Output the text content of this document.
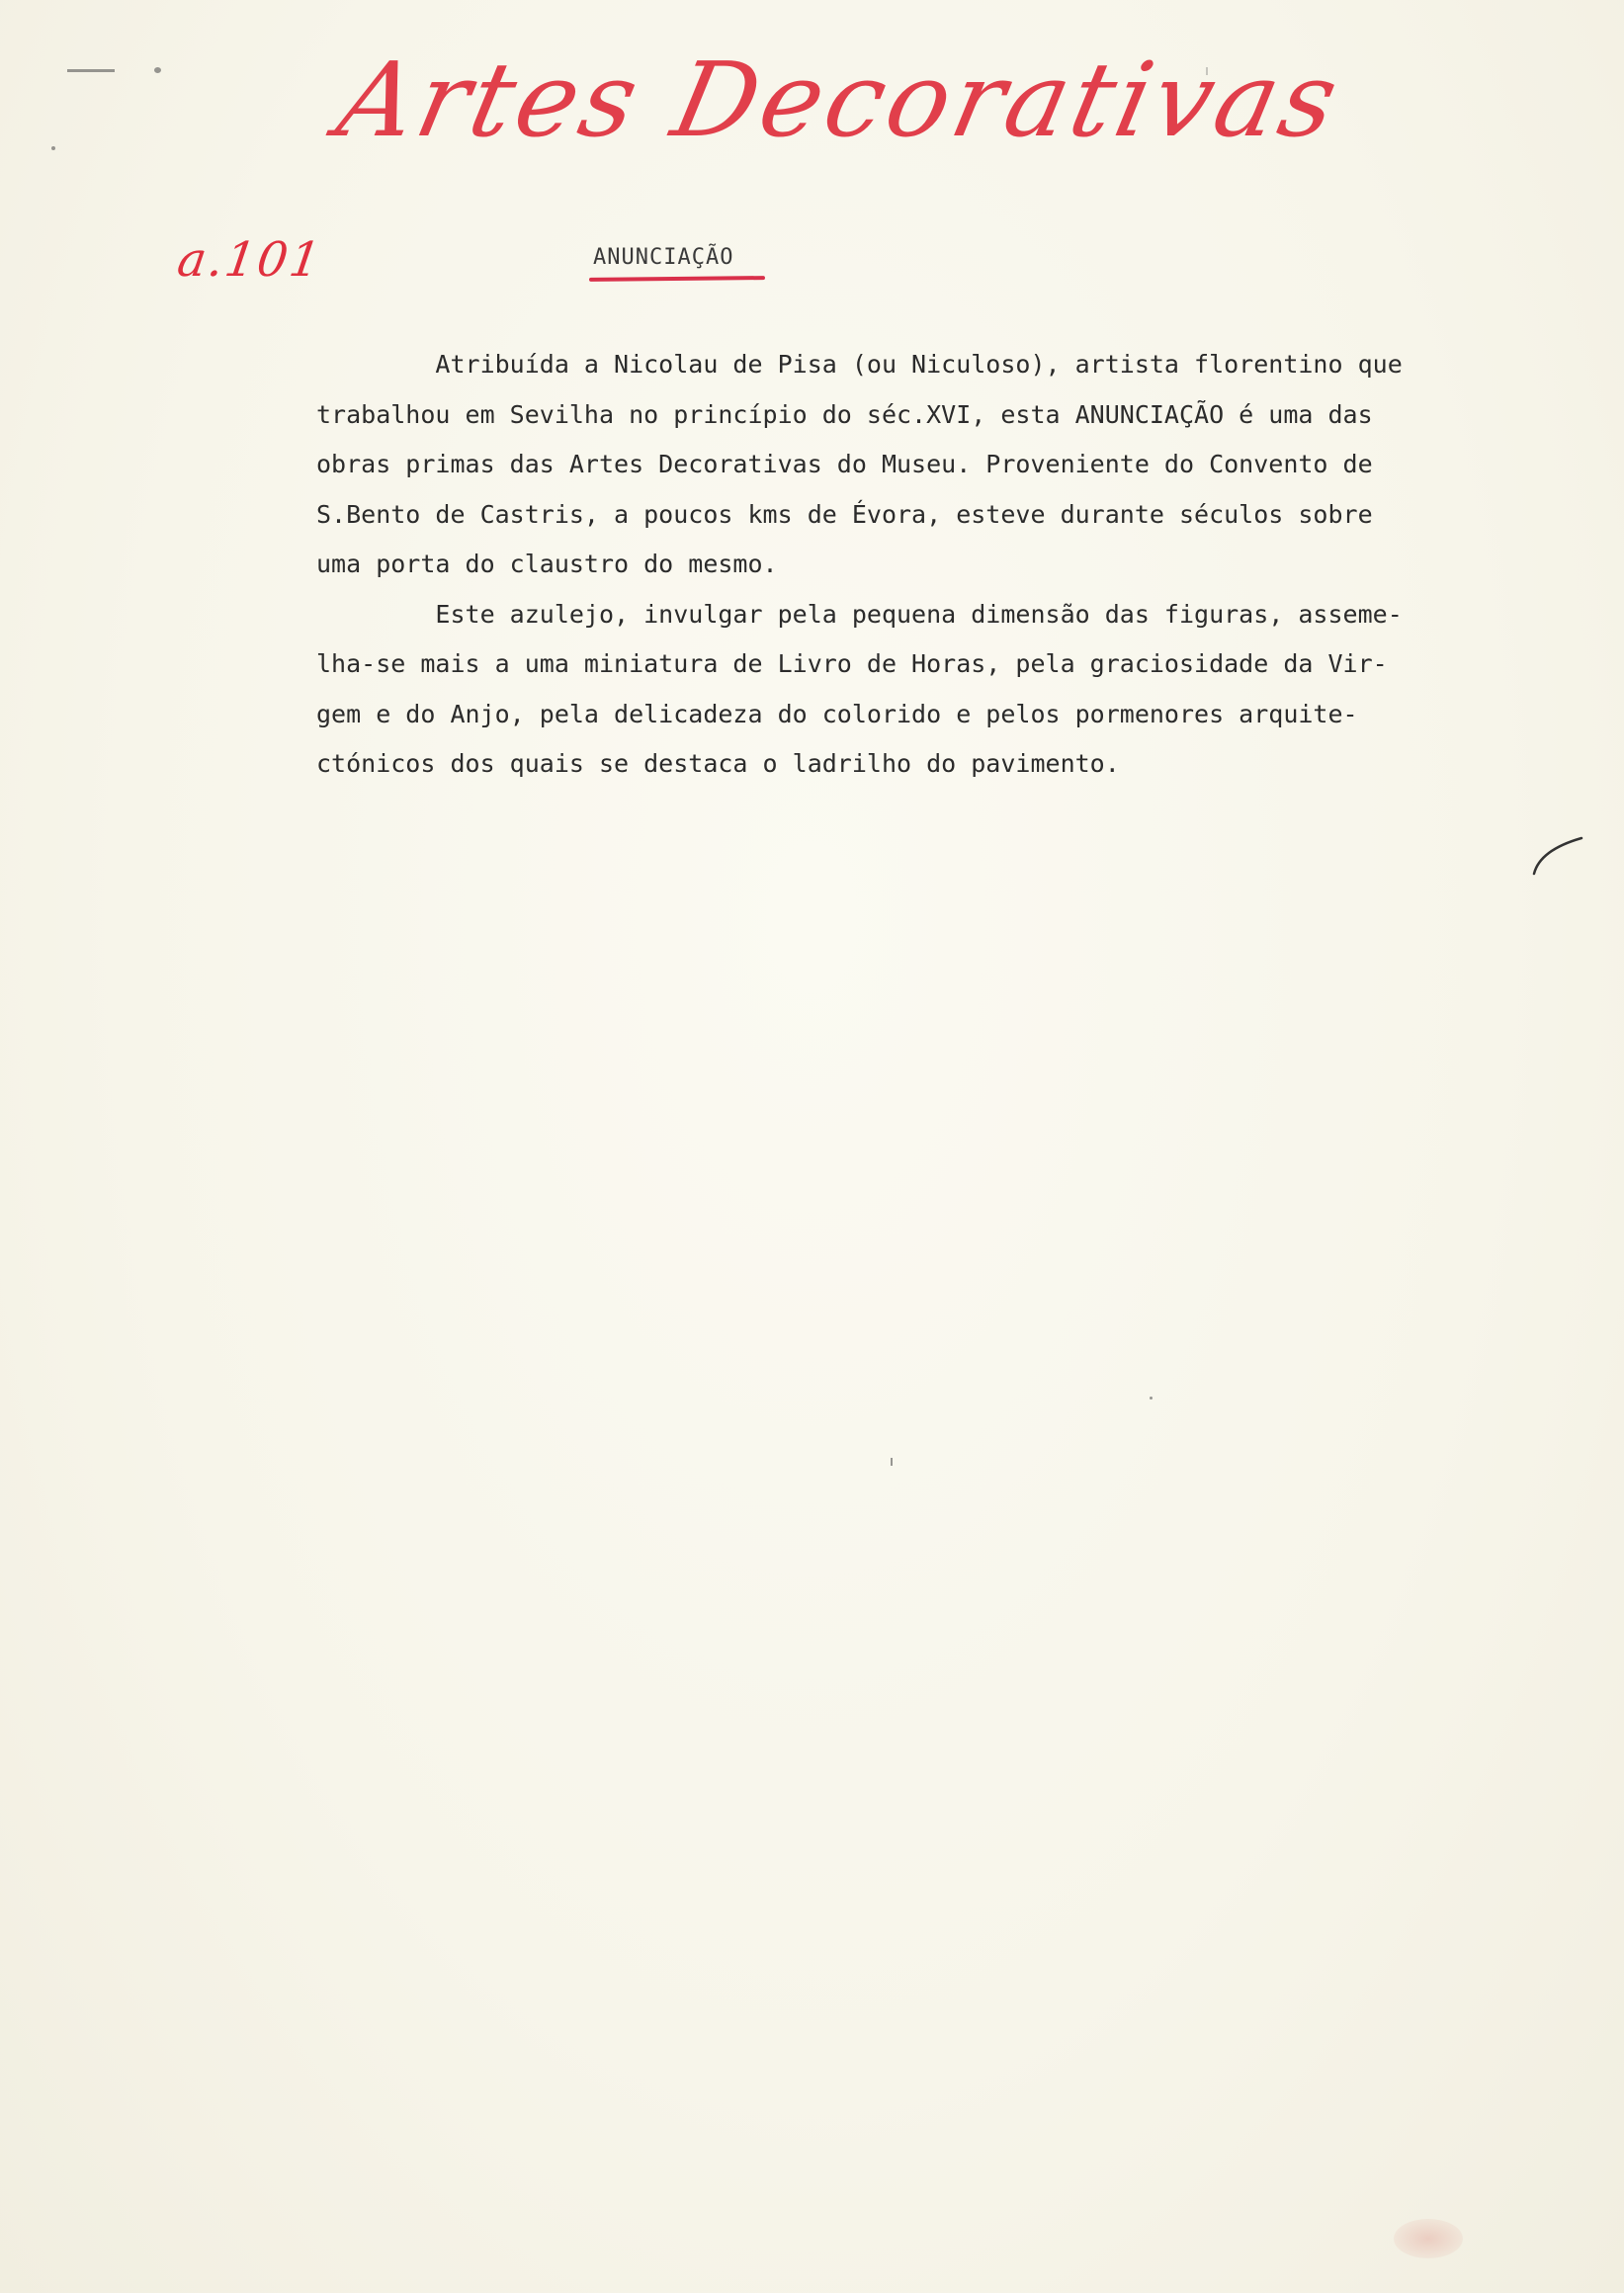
Artes Decorativas
a.101	ANUNCIAÇÃO
Atribuída a Nicolau de Pisa (ou Niculoso), artista florentino que
trabalhou em Sevilha no princípio do séc.XVI, esta ANUNCIAÇÃO é uma das
obras primas das Artes Decorativas do Museu. Proveniente do Convento de
S.Bento de Castris, a poucos kms de Évora, esteve durante séculos sobre
uma porta do claustro do mesmo.
Este azulejo, invulgar pela pequena dimensão das figuras, asseme-
lha-se mais a uma miniatura de Livro de Horas, pela graciosidade da Vir-
gem e do Anjo, pela delicadeza do colorido e pelos pormenores arquite-
ctónicos dos quais se destaca o ladrilho do pavimento.
